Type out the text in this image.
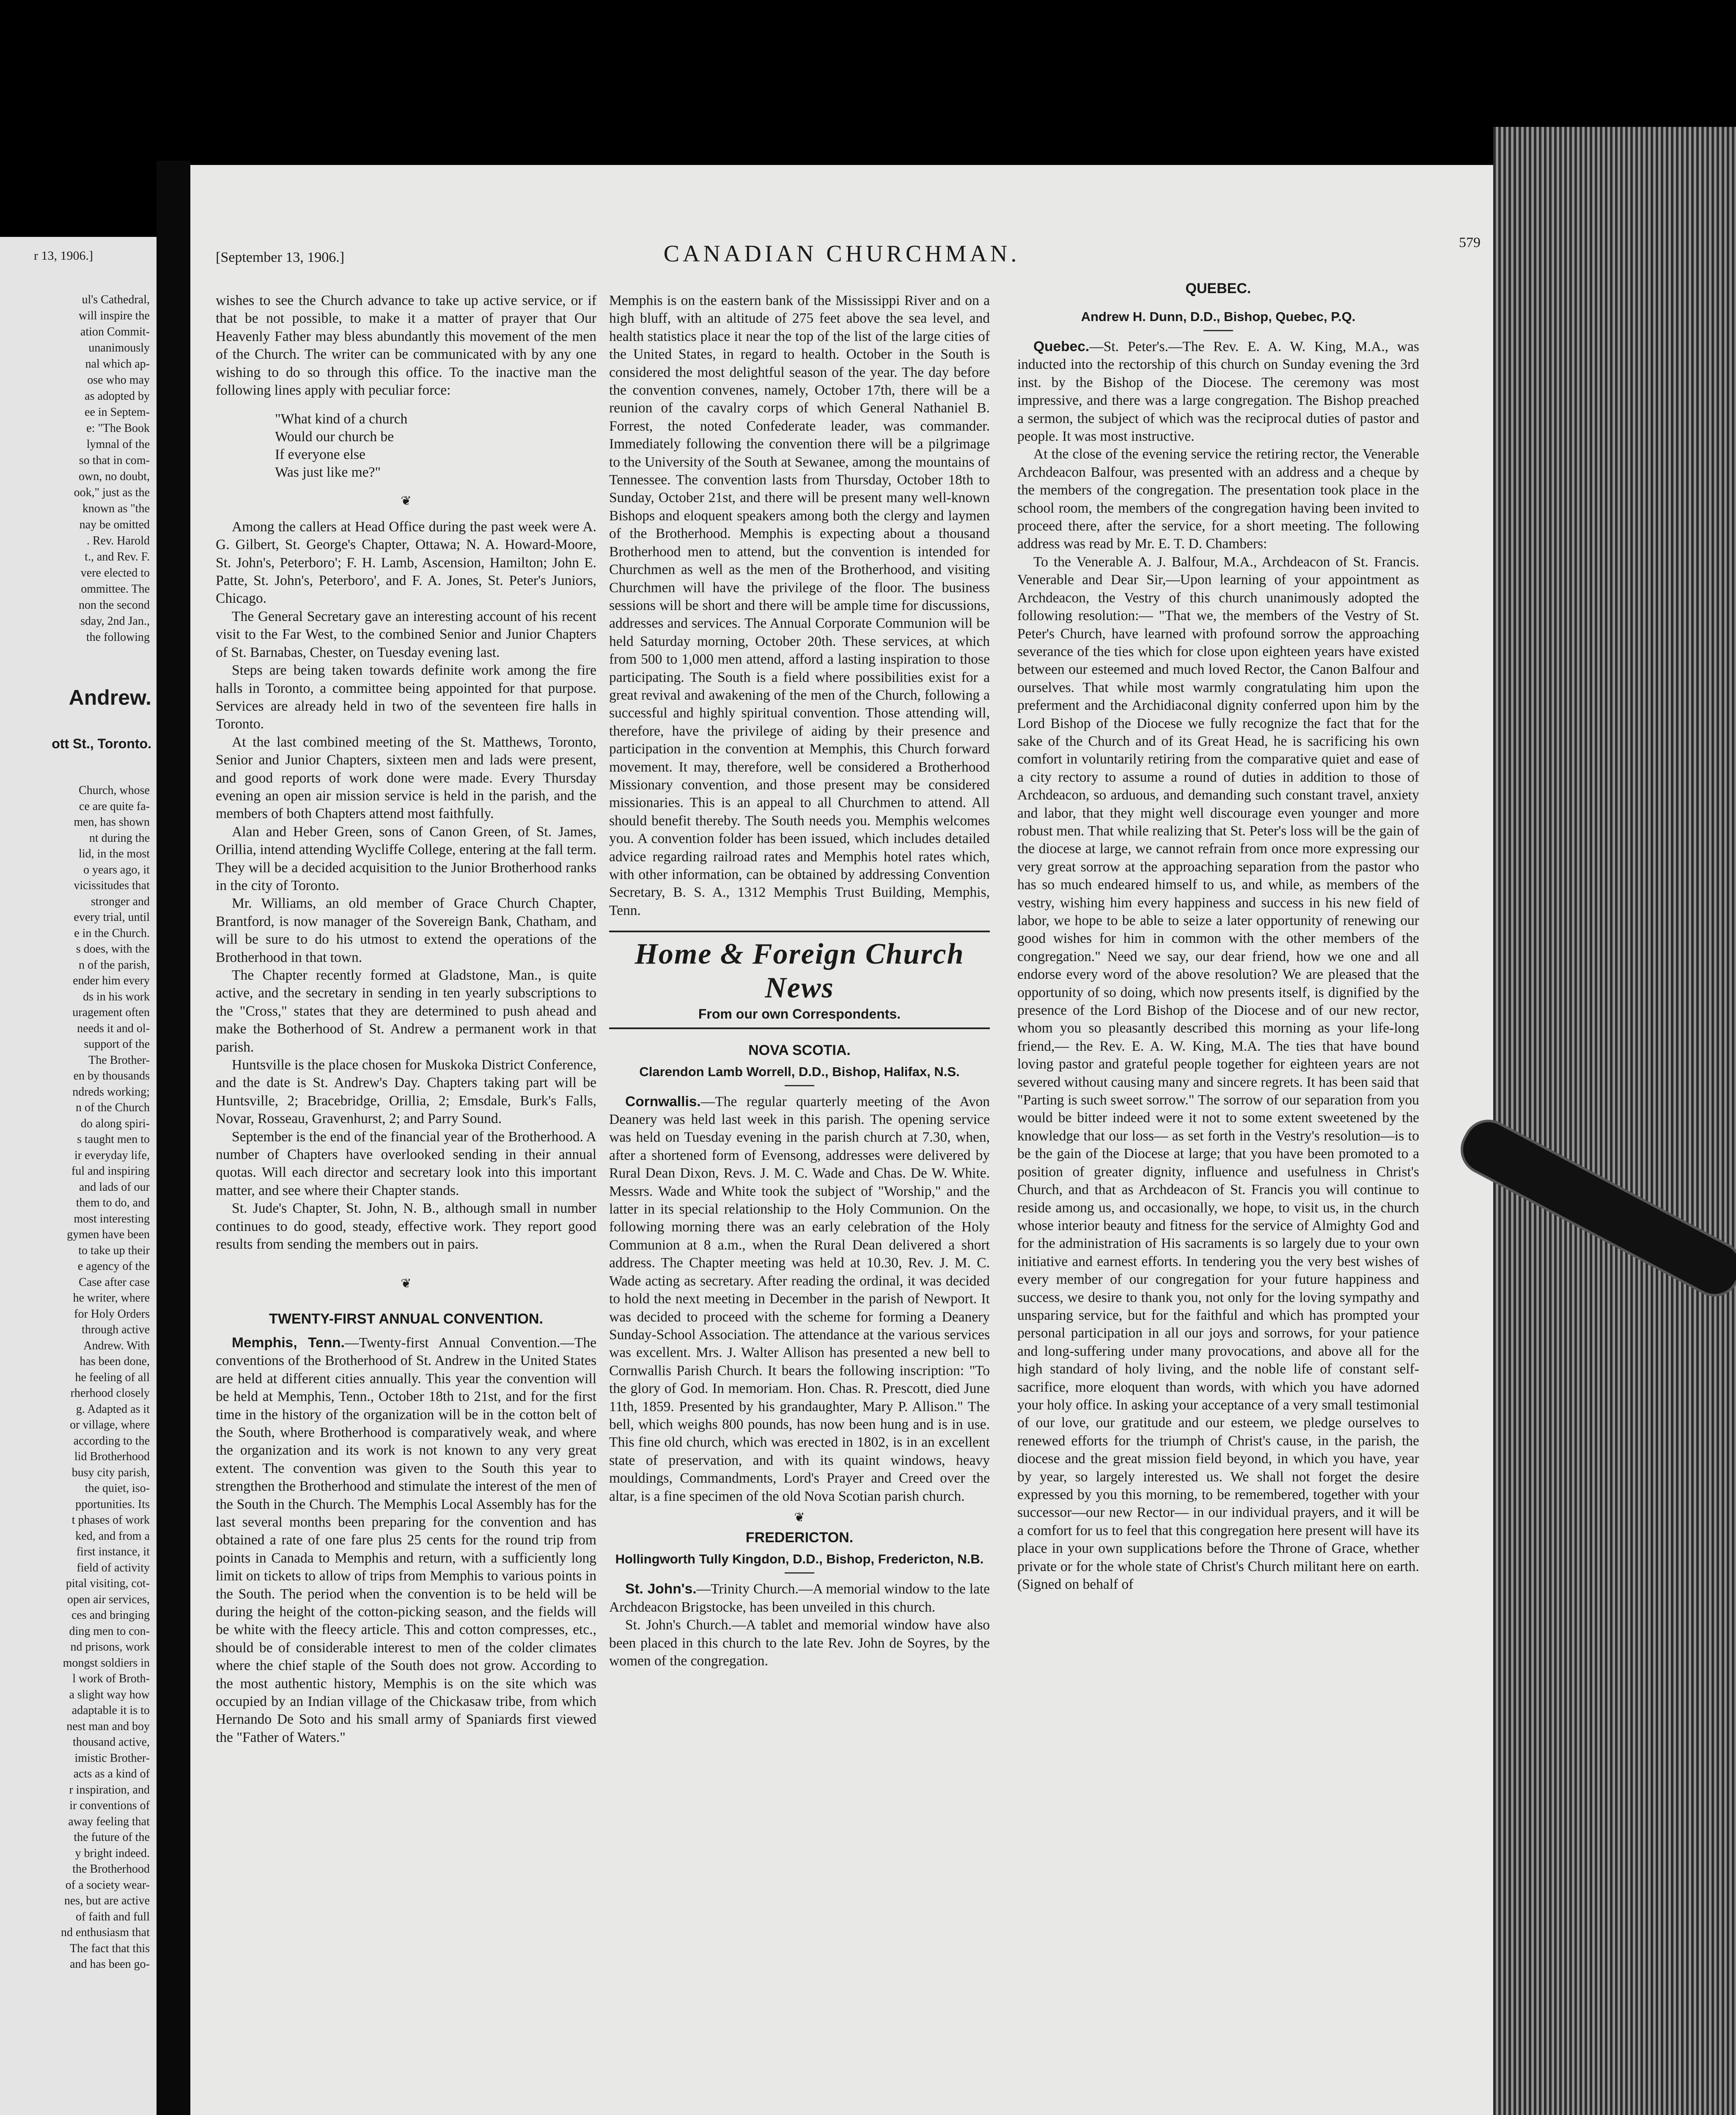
r 13, 1906.]
ul's Cathedral,
will inspire the
ation Commit-
unanimously
nal which ap-
ose who may
as adopted by
ee in Septem-
e: "The Book
lymnal of the
so that in com-
own, no doubt,
ook," just as the
known as "the
nay be omitted
. Rev. Harold
t., and Rev. F.
vere elected to
ommittee. The
non the second
sday, 2nd Jan.,
the following
Andrew.
ott St., Toronto.
Church, whose
ce are quite fa-
men, has shown
nt during the
lid, in the most
o years ago, it
vicissitudes that
stronger and
every trial, until
e in the Church.
s does, with the
n of the parish,
ender him every
ds in his work
uragement often
needs it and ol-
support of the
The Brother-
en by thousands
ndreds working;
n of the Church
do along spiri-
s taught men to
ir everyday life,
ful and inspiring
and lads of our
them to do, and
most interesting
gymen have been
to take up their
e agency of the
Case after case
he writer, where
for Holy Orders
through active
Andrew. With
has been done,
he feeling of all
rherhood closely
g. Adapted as it
or village, where
according to the
lid Brotherhood
busy city parish,
the quiet, iso-
pportunities. Its
t phases of work
ked, and from a
first instance, it
field of activity
pital visiting, cot-
open air services,
ces and bringing
ding men to con-
nd prisons, work
mongst soldiers in
l work of Broth-
a slight way how
adaptable it is to
nest man and boy
thousand active,
imistic Brother-
acts as a kind of
r inspiration, and
ir conventions of
away feeling that
the future of the
y bright indeed.
the Brotherhood
of a society wear-
nes, but are active
of faith and full
nd enthusiasm that
The fact that this
and has been go-
[September 13, 1906.]	CANADIAN CHURCHMAN.	579

wishes to see the Church advance to take up active service, or if that be not possible, to make it a matter of prayer that Our Heavenly Father may bless abundantly this movement of the men of the Church. The writer can be communicated with by any one wishing to do so through this office. To the inactive man the following lines apply with peculiar force:

"What kind of a church
Would our church be
If everyone else
Was just like me?"
❦

Among the callers at Head Office during the past week were A. G. Gilbert, St. George's Chapter, Ottawa; N. A. Howard-Moore, St. John's, Peterboro'; F. H. Lamb, Ascension, Hamilton; John E. Patte, St. John's, Peterboro', and F. A. Jones, St. Peter's Juniors, Chicago.

The General Secretary gave an interesting account of his recent visit to the Far West, to the combined Senior and Junior Chapters of St. Barnabas, Chester, on Tuesday evening last.

Steps are being taken towards definite work among the fire halls in Toronto, a committee being appointed for that purpose. Services are already held in two of the seventeen fire halls in Toronto.

At the last combined meeting of the St. Matthews, Toronto, Senior and Junior Chapters, sixteen men and lads were present, and good reports of work done were made. Every Thursday evening an open air mission service is held in the parish, and the members of both Chapters attend most faithfully.

Alan and Heber Green, sons of Canon Green, of St. James, Orillia, intend attending Wycliffe College, entering at the fall term. They will be a decided acquisition to the Junior Brotherhood ranks in the city of Toronto.

Mr. Williams, an old member of Grace Church Chapter, Brantford, is now manager of the Sovereign Bank, Chatham, and will be sure to do his utmost to extend the operations of the Brotherhood in that town.

The Chapter recently formed at Gladstone, Man., is quite active, and the secretary in sending in ten yearly subscriptions to the "Cross," states that they are determined to push ahead and make the Botherhood of St. Andrew a permanent work in that parish.

Huntsville is the place chosen for Muskoka District Conference, and the date is St. Andrew's Day. Chapters taking part will be Huntsville, 2; Bracebridge, Orillia, 2; Emsdale, Burk's Falls, Novar, Rosseau, Gravenhurst, 2; and Parry Sound.

September is the end of the financial year of the Brotherhood. A number of Chapters have overlooked sending in their annual quotas. Will each director and secretary look into this important matter, and see where their Chapter stands.

St. Jude's Chapter, St. John, N. B., although small in number continues to do good, steady, effective work. They report good results from sending the members out in pairs.

❦
TWENTY-FIRST ANNUAL CONVENTION.

Memphis, Tenn.—Twenty-first Annual Convention.—The conventions of the Brotherhood of St. Andrew in the United States are held at different cities annually. This year the convention will be held at Memphis, Tenn., October 18th to 21st, and for the first time in the history of the organization will be in the cotton belt of the South, where Brotherhood is comparatively weak, and where the organization and its work is not known to any very great extent. The convention was given to the South this year to strengthen the Brotherhood and stimulate the interest of the men of the South in the Church. The Memphis Local Assembly has for the last several months been preparing for the convention and has obtained a rate of one fare plus 25 cents for the round trip from points in Canada to Memphis and return, with a sufficiently long limit on tickets to allow of trips from Memphis to various points in the South. The period when the convention is to be held will be during the height of the cotton-picking season, and the fields will be white with the fleecy article. This and cotton compresses, etc., should be of considerable interest to men of the colder climates where the chief staple of the South does not grow. According to the most authentic history, Memphis is on the site which was occupied by an Indian village of the Chickasaw tribe, from which Hernando De Soto and his small army of Spaniards first viewed the "Father of Waters."

Memphis is on the eastern bank of the Mississippi River and on a high bluff, with an altitude of 275 feet above the sea level, and health statistics place it near the top of the list of the large cities of the United States, in regard to health. October in the South is considered the most delightful season of the year. The day before the convention convenes, namely, October 17th, there will be a reunion of the cavalry corps of which General Nathaniel B. Forrest, the noted Confederate leader, was commander. Immediately following the convention there will be a pilgrimage to the University of the South at Sewanee, among the mountains of Tennessee. The convention lasts from Thursday, October 18th to Sunday, October 21st, and there will be present many well-known Bishops and eloquent speakers among both the clergy and laymen of the Brotherhood. Memphis is expecting about a thousand Brotherhood men to attend, but the convention is intended for Churchmen as well as the men of the Brotherhood, and visiting Churchmen will have the privilege of the floor. The business sessions will be short and there will be ample time for discussions, addresses and services. The Annual Corporate Communion will be held Saturday morning, October 20th. These services, at which from 500 to 1,000 men attend, afford a lasting inspiration to those participating. The South is a field where possibilities exist for a great revival and awakening of the men of the Church, following a successful and highly spiritual convention. Those attending will, therefore, have the privilege of aiding by their presence and participation in the convention at Memphis, this Church forward movement. It may, therefore, well be considered a Brotherhood Missionary convention, and those present may be considered missionaries. This is an appeal to all Churchmen to attend. All should benefit thereby. The South needs you. Memphis welcomes you. A convention folder has been issued, which includes detailed advice regarding railroad rates and Memphis hotel rates which, with other information, can be obtained by addressing Convention Secretary, B. S. A., 1312 Memphis Trust Building, Memphis, Tenn.

Home & Foreign Church News
From our own Correspondents.
NOVA SCOTIA.
Clarendon Lamb Worrell, D.D., Bishop, Halifax, N.S.

Cornwallis.—The regular quarterly meeting of the Avon Deanery was held last week in this parish. The opening service was held on Tuesday evening in the parish church at 7.30, when, after a shortened form of Evensong, addresses were delivered by Rural Dean Dixon, Revs. J. M. C. Wade and Chas. De W. White. Messrs. Wade and White took the subject of "Worship," and the latter in its special relationship to the Holy Communion. On the following morning there was an early celebration of the Holy Communion at 8 a.m., when the Rural Dean delivered a short address. The Chapter meeting was held at 10.30, Rev. J. M. C. Wade acting as secretary. After reading the ordinal, it was decided to hold the next meeting in December in the parish of Newport. It was decided to proceed with the scheme for forming a Deanery Sunday-School Association. The attendance at the various services was excellent. Mrs. J. Walter Allison has presented a new bell to Cornwallis Parish Church. It bears the following inscription: "To the glory of God. In memoriam. Hon. Chas. R. Prescott, died June 11th, 1859. Presented by his grandaughter, Mary P. Allison." The bell, which weighs 800 pounds, has now been hung and is in use. This fine old church, which was erected in 1802, is in an excellent state of preservation, and with its quaint windows, heavy mouldings, Commandments, Lord's Prayer and Creed over the altar, is a fine specimen of the old Nova Scotian parish church.

❦
FREDERICTON.
Hollingworth Tully Kingdon, D.D., Bishop, Fredericton, N.B.

St. John's.—Trinity Church.—A memorial window to the late Archdeacon Brigstocke, has been unveiled in this church.

St. John's Church.—A tablet and memorial window have also been placed in this church to the late Rev. John de Soyres, by the women of the congregation.

QUEBEC.
Andrew H. Dunn, D.D., Bishop, Quebec, P.Q.

Quebec.—St. Peter's.—The Rev. E. A. W. King, M.A., was inducted into the rectorship of this church on Sunday evening the 3rd inst. by the Bishop of the Diocese. The ceremony was most impressive, and there was a large congregation. The Bishop preached a sermon, the subject of which was the reciprocal duties of pastor and people. It was most instructive.

At the close of the evening service the retiring rector, the Venerable Archdeacon Balfour, was presented with an address and a cheque by the members of the congregation. The presentation took place in the school room, the members of the congregation having been invited to proceed there, after the service, for a short meeting. The following address was read by Mr. E. T. D. Chambers:

To the Venerable A. J. Balfour, M.A., Archdeacon of St. Francis. Venerable and Dear Sir,—Upon learning of your appointment as Archdeacon, the Vestry of this church unanimously adopted the following resolution:— "That we, the members of the Vestry of St. Peter's Church, have learned with profound sorrow the approaching severance of the ties which for close upon eighteen years have existed between our esteemed and much loved Rector, the Canon Balfour and ourselves. That while most warmly congratulating him upon the preferment and the Archidiaconal dignity conferred upon him by the Lord Bishop of the Diocese we fully recognize the fact that for the sake of the Church and of its Great Head, he is sacrificing his own comfort in voluntarily retiring from the comparative quiet and ease of a city rectory to assume a round of duties in addition to those of Archdeacon, so arduous, and demanding such constant travel, anxiety and labor, that they might well discourage even younger and more robust men. That while realizing that St. Peter's loss will be the gain of the diocese at large, we cannot refrain from once more expressing our very great sorrow at the approaching separation from the pastor who has so much endeared himself to us, and while, as members of the vestry, wishing him every happiness and success in his new field of labor, we hope to be able to seize a later opportunity of renewing our good wishes for him in common with the other members of the congregation." Need we say, our dear friend, how we one and all endorse every word of the above resolution? We are pleased that the opportunity of so doing, which now presents itself, is dignified by the presence of the Lord Bishop of the Diocese and of our new rector, whom you so pleasantly described this morning as your life-long friend,— the Rev. E. A. W. King, M.A. The ties that have bound loving pastor and grateful people together for eighteen years are not severed without causing many and sincere regrets. It has been said that "Parting is such sweet sorrow." The sorrow of our separation from you would be bitter indeed were it not to some extent sweetened by the knowledge that our loss— as set forth in the Vestry's resolution—is to be the gain of the Diocese at large; that you have been promoted to a position of greater dignity, influence and usefulness in Christ's Church, and that as Archdeacon of St. Francis you will continue to reside among us, and occasionally, we hope, to visit us, in the church whose interior beauty and fitness for the service of Almighty God and for the administration of His sacraments is so largely due to your own initiative and earnest efforts. In tendering you the very best wishes of every member of our congregation for your future happiness and success, we desire to thank you, not only for the loving sympathy and unsparing service, but for the faithful and which has prompted your personal participation in all our joys and sorrows, for your patience and long-suffering under many provocations, and above all for the high standard of holy living, and the noble life of constant self-sacrifice, more eloquent than words, with which you have adorned your holy office. In asking your acceptance of a very small testimonial of our love, our gratitude and our esteem, we pledge ourselves to renewed efforts for the triumph of Christ's cause, in the parish, the diocese and the great mission field beyond, in which you have, year by year, so largely interested us. We shall not forget the desire expressed by you this morning, to be remembered, together with your successor—our new Rector— in our individual prayers, and it will be a comfort for us to feel that this congregation here present will have its place in your own supplications before the Throne of Grace, whether private or for the whole state of Christ's Church militant here on earth. (Signed on behalf of
